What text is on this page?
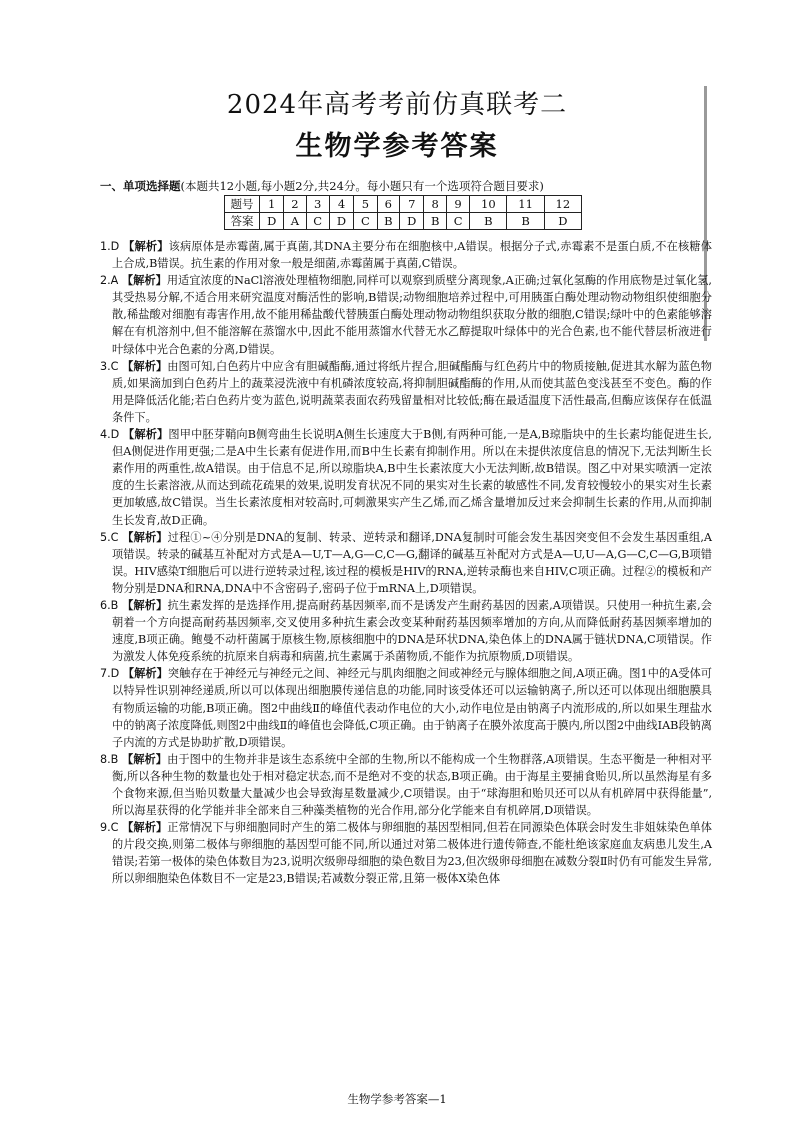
2024年高考考前仿真联考二
生物学参考答案
一、单项选择题(本题共12小题,每小题2分,共24分。每小题只有一个选项符合题目要求)
题号	1	2	3	4	5	6	7	8	9	10	11	12
答案	D	A	C	D	C	B	D	B	C	B	B	D

1.D 【解析】该病原体是赤霉菌,属于真菌,其DNA主要分布在细胞核中,A错误。根据分子式,赤霉素不是蛋白质,不在核糖体上合成,B错误。抗生素的作用对象一般是细菌,赤霉菌属于真菌,C错误。

2.A 【解析】用适宜浓度的NaCl溶液处理植物细胞,同样可以观察到质壁分离现象,A正确;过氧化氢酶的作用底物是过氧化氢,其受热易分解,不适合用来研究温度对酶活性的影响,B错误;动物细胞培养过程中,可用胰蛋白酶处理动物动物组织使细胞分散,稀盐酸对细胞有毒害作用,故不能用稀盐酸代替胰蛋白酶处理动物动物组织获取分散的细胞,C错误;绿叶中的色素能够溶解在有机溶剂中,但不能溶解在蒸馏水中,因此不能用蒸馏水代替无水乙醇提取叶绿体中的光合色素,也不能代替层析液进行叶绿体中光合色素的分离,D错误。

3.C 【解析】由图可知,白色药片中应含有胆碱酯酶,通过将纸片捏合,胆碱酯酶与红色药片中的物质接触,促进其水解为蓝色物质,如果滴加到白色药片上的蔬菜浸洗液中有机磷浓度较高,将抑制胆碱酯酶的作用,从而使其蓝色变浅甚至不变色。酶的作用是降低活化能;若白色药片变为蓝色,说明蔬菜表面农药残留量相对比较低;酶在最适温度下活性最高,但酶应该保存在低温条件下。

4.D 【解析】图甲中胚芽鞘向B侧弯曲生长说明A侧生长速度大于B侧,有两种可能,一是A,B琼脂块中的生长素均能促进生长,但A侧促进作用更强;二是A中生长素有促进作用,而B中生长素有抑制作用。所以在未提供浓度信息的情况下,无法判断生长素作用的两重性,故A错误。由于信息不足,所以琼脂块A,B中生长素浓度大小无法判断,故B错误。图乙中对果实喷洒一定浓度的生长素溶液,从而达到疏花疏果的效果,说明发育状况不同的果实对生长素的敏感性不同,发育较慢较小的果实对生长素更加敏感,故C错误。当生长素浓度相对较高时,可刺激果实产生乙烯,而乙烯含量增加反过来会抑制生长素的作用,从而抑制生长发育,故D正确。

5.C 【解析】过程①~④分别是DNA的复制、转录、逆转录和翻译,DNA复制时可能会发生基因突变但不会发生基因重组,A项错误。转录的碱基互补配对方式是A—U,T—A,G—C,C—G,翻译的碱基互补配对方式是A—U,U—A,G—C,C—G,B项错误。HIV感染T细胞后可以进行逆转录过程,该过程的模板是HIV的RNA,逆转录酶也来自HIV,C项正确。过程②的模板和产物分别是DNA和RNA,DNA中不含密码子,密码子位于mRNA上,D项错误。

6.B 【解析】抗生素发挥的是选择作用,提高耐药基因频率,而不是诱发产生耐药基因的因素,A项错误。只使用一种抗生素,会朝着一个方向提高耐药基因频率,交叉使用多种抗生素会改变某种耐药基因频率增加的方向,从而降低耐药基因频率增加的速度,B项正确。鲍曼不动杆菌属于原核生物,原核细胞中的DNA是环状DNA,染色体上的DNA属于链状DNA,C项错误。作为激发人体免疫系统的抗原来自病毒和病菌,抗生素属于杀菌物质,不能作为抗原物质,D项错误。

7.D 【解析】突触存在于神经元与神经元之间、神经元与肌肉细胞之间或神经元与腺体细胞之间,A项正确。图1中的A受体可以特异性识别神经递质,所以可以体现出细胞膜传递信息的功能,同时该受体还可以运输钠离子,所以还可以体现出细胞膜具有物质运输的功能,B项正确。图2中曲线Ⅱ的峰值代表动作电位的大小,动作电位是由钠离子内流形成的,所以如果生理盐水中的钠离子浓度降低,则图2中曲线Ⅱ的峰值也会降低,C项正确。由于钠离子在膜外浓度高于膜内,所以图2中曲线ⅠAB段钠离子内流的方式是协助扩散,D项错误。

8.B 【解析】由于图中的生物并非是该生态系统中全部的生物,所以不能构成一个生物群落,A项错误。生态平衡是一种相对平衡,所以各种生物的数量也处于相对稳定状态,而不是绝对不变的状态,B项正确。由于海星主要捕食贻贝,所以虽然海星有多个食物来源,但当贻贝数量大量减少也会导致海星数量减少,C项错误。由于“球海胆和贻贝还可以从有机碎屑中获得能量”,所以海星获得的化学能并非全部来自三种藻类植物的光合作用,部分化学能来自有机碎屑,D项错误。

9.C 【解析】正常情况下与卵细胞同时产生的第二极体与卵细胞的基因型相同,但若在同源染色体联会时发生非姐妹染色单体的片段交换,则第二极体与卵细胞的基因型可能不同,所以通过对第二极体进行遗传筛查,不能杜绝该家庭血友病患儿发生,A错误;若第一极体的染色体数目为23,说明次级卵母细胞的染色数目为23,但次级卵母细胞在减数分裂Ⅱ时仍有可能发生异常,所以卵细胞染色体数目不一定是23,B错误;若减数分裂正常,且第一极体X染色体

生物学参考答案—1
